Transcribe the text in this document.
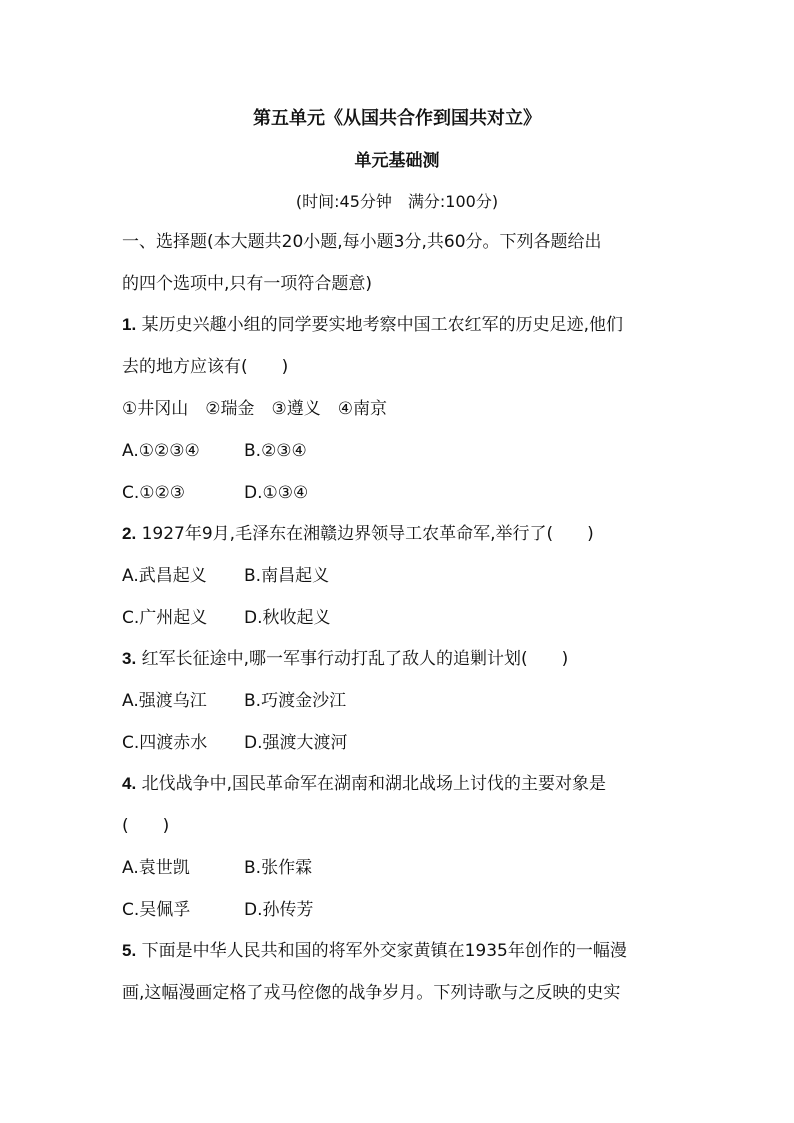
第五单元《从国共合作到国共对立》
单元基础测
(时间:45分钟　满分:100分)
一、选择题(本大题共20小题,每小题3分,共60分。下列各题给出
的四个选项中,只有一项符合题意)
1. 某历史兴趣小组的同学要实地考察中国工农红军的历史足迹,他们
去的地方应该有(　　)
①井冈山　②瑞金　③遵义　④南京
A.①②③④	B.②③④
C.①②③	D.①③④
2. 1927年9月,毛泽东在湘赣边界领导工农革命军,举行了(　　)
A.武昌起义 B.南昌起义
C.广州起义 D.秋收起义
3. 红军长征途中,哪一军事行动打乱了敌人的追剿计划(　　)
A.强渡乌江 B.巧渡金沙江
C.四渡赤水 D.强渡大渡河
4. 北伐战争中,国民革命军在湖南和湖北战场上讨伐的主要对象是
(　　)
A.袁世凯	B.张作霖
C.吴佩孚	D.孙传芳
5. 下面是中华人民共和国的将军外交家黄镇在1935年创作的一幅漫
画,这幅漫画定格了戎马倥偬的战争岁月。下列诗歌与之反映的史实
